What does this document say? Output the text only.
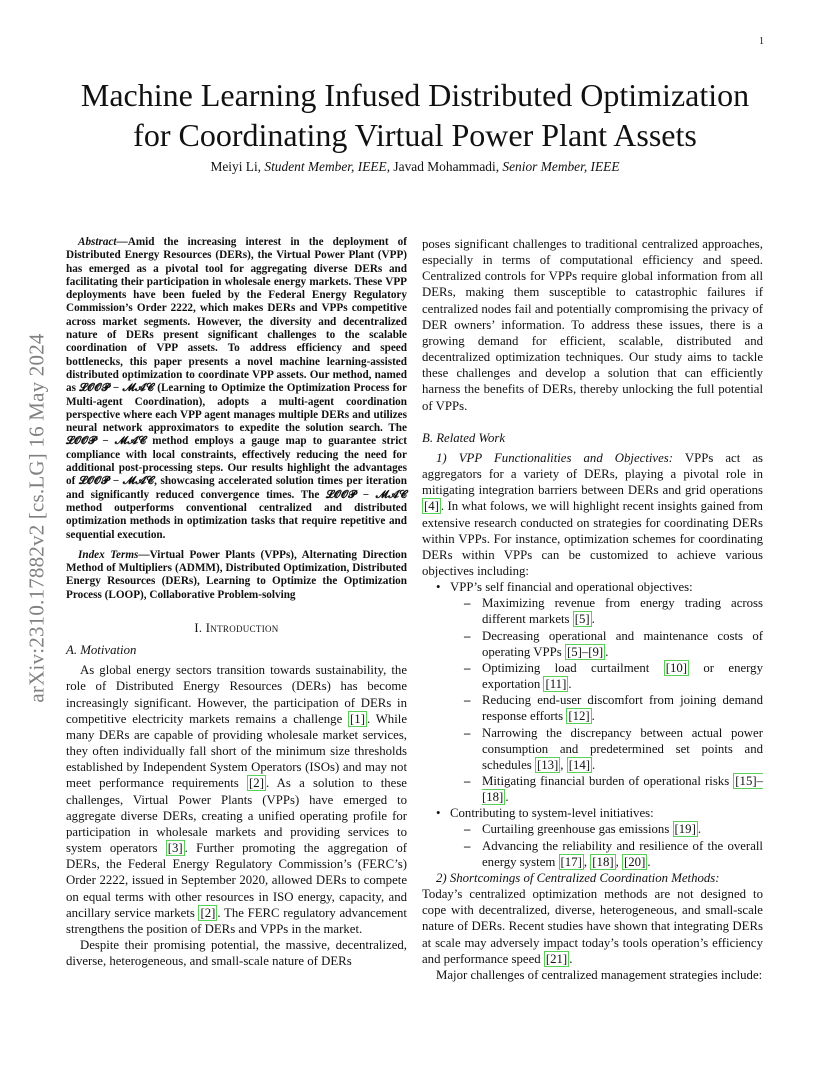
1
arXiv:2310.17882v2 [cs.LG] 16 May 2024
Machine Learning Infused Distributed Optimization for Coordinating Virtual Power Plant Assets
Meiyi Li, Student Member, IEEE, Javad Mohammadi, Senior Member, IEEE

Abstract—Amid the increasing interest in the deployment of Distributed Energy Resources (DERs), the Virtual Power Plant (VPP) has emerged as a pivotal tool for aggregating diverse DERs and facilitating their participation in wholesale energy markets. These VPP deployments have been fueled by the Federal Energy Regulatory Commission’s Order 2222, which makes DERs and VPPs competitive across market segments. However, the diversity and decentralized nature of DERs present significant challenges to the scalable coordination of VPP assets. To address efficiency and speed bottlenecks, this paper presents a novel machine learning-assisted distributed optimization to coordinate VPP assets. Our method, named as 𝓛𝓞𝓞𝓟 − 𝓜𝓐𝓒 (Learning to Optimize the Optimization Process for Multi-agent Coordination), adopts a multi-agent coordination perspective where each VPP agent manages multiple DERs and utilizes neural network approximators to expedite the solution search. The 𝓛𝓞𝓞𝓟 − 𝓜𝓐𝓒 method employs a gauge map to guarantee strict compliance with local constraints, effectively reducing the need for additional post-processing steps. Our results highlight the advantages of 𝓛𝓞𝓞𝓟 − 𝓜𝓐𝓒, showcasing accelerated solution times per iteration and significantly reduced convergence times. The 𝓛𝓞𝓞𝓟 − 𝓜𝓐𝓒 method outperforms conventional centralized and distributed optimization methods in optimization tasks that require repetitive and sequential execution.

Index Terms—Virtual Power Plants (VPPs), Alternating Direction Method of Multipliers (ADMM), Distributed Optimization, Distributed Energy Resources (DERs), Learning to Optimize the Optimization Process (LOOP), Collaborative Problem-solving

I. Introduction
A. Motivation

As global energy sectors transition towards sustainability, the role of Distributed Energy Resources (DERs) has become increasingly significant. However, the participation of DERs in competitive electricity markets remains a challenge [1] . While many DERs are capable of providing wholesale market services, they often individually fall short of the minimum size thresholds established by Independent System Operators (ISOs) and may not meet performance requirements [2] . As a solution to these challenges, Virtual Power Plants (VPPs) have emerged to aggregate diverse DERs, creating a unified operating profile for participation in wholesale markets and providing services to system operators [3] . Further promoting the aggregation of DERs, the Federal Energy Regulatory Commission’s (FERC’s) Order 2222, issued in September 2020, allowed DERs to compete on equal terms with other resources in ISO energy, capacity, and ancillary service markets [2] . The FERC regulatory advancement strengthens the position of DERs and VPPs in the market.

Despite their promising potential, the massive, decentralized, diverse, heterogeneous, and small-scale nature of DERs

poses significant challenges to traditional centralized approaches, especially in terms of computational efficiency and speed. Centralized controls for VPPs require global information from all DERs, making them susceptible to catastrophic failures if centralized nodes fail and potentially compromising the privacy of DER owners’ information. To address these issues, there is a growing demand for efficient, scalable, distributed and decentralized optimization techniques. Our study aims to tackle these challenges and develop a solution that can efficiently harness the benefits of DERs, thereby unlocking the full potential of VPPs.

B. Related Work

1) VPP Functionalities and Objectives: VPPs act as aggregators for a variety of DERs, playing a pivotal role in mitigating integration barriers between DERs and grid operations [4] . In what folows, we will highlight recent insights gained from extensive research conducted on strategies for coordinating DERs within VPPs. For instance, optimization schemes for coordinating DERs within VPPs can be customized to achieve various objectives including:

• VPP’s self financial and operational objectives:
– Maximizing revenue from energy trading across different markets [5] .
– Decreasing operational and maintenance costs of operating VPPs [5]–[9] .
– Optimizing load curtailment [10] or energy exportation [11] .
– Reducing end-user discomfort from joining demand response efforts [12] .
– Narrowing the discrepancy between actual power consumption and predetermined set points and schedules [13] , [14] .
– Mitigating financial burden of operational risks [15]–[18] .
• Contributing to system-level initiatives:
– Curtailing greenhouse gas emissions [19] .
– Advancing the reliability and resilience of the overall energy system [17] , [18] , [20] .

2) Shortcomings of Centralized Coordination Methods:

Today’s centralized optimization methods are not designed to cope with decentralized, diverse, heterogeneous, and small-scale nature of DERs. Recent studies have shown that integrating DERs at scale may adversely impact today’s tools operation’s efficiency and performance speed [21] .

Major challenges of centralized management strategies include:
